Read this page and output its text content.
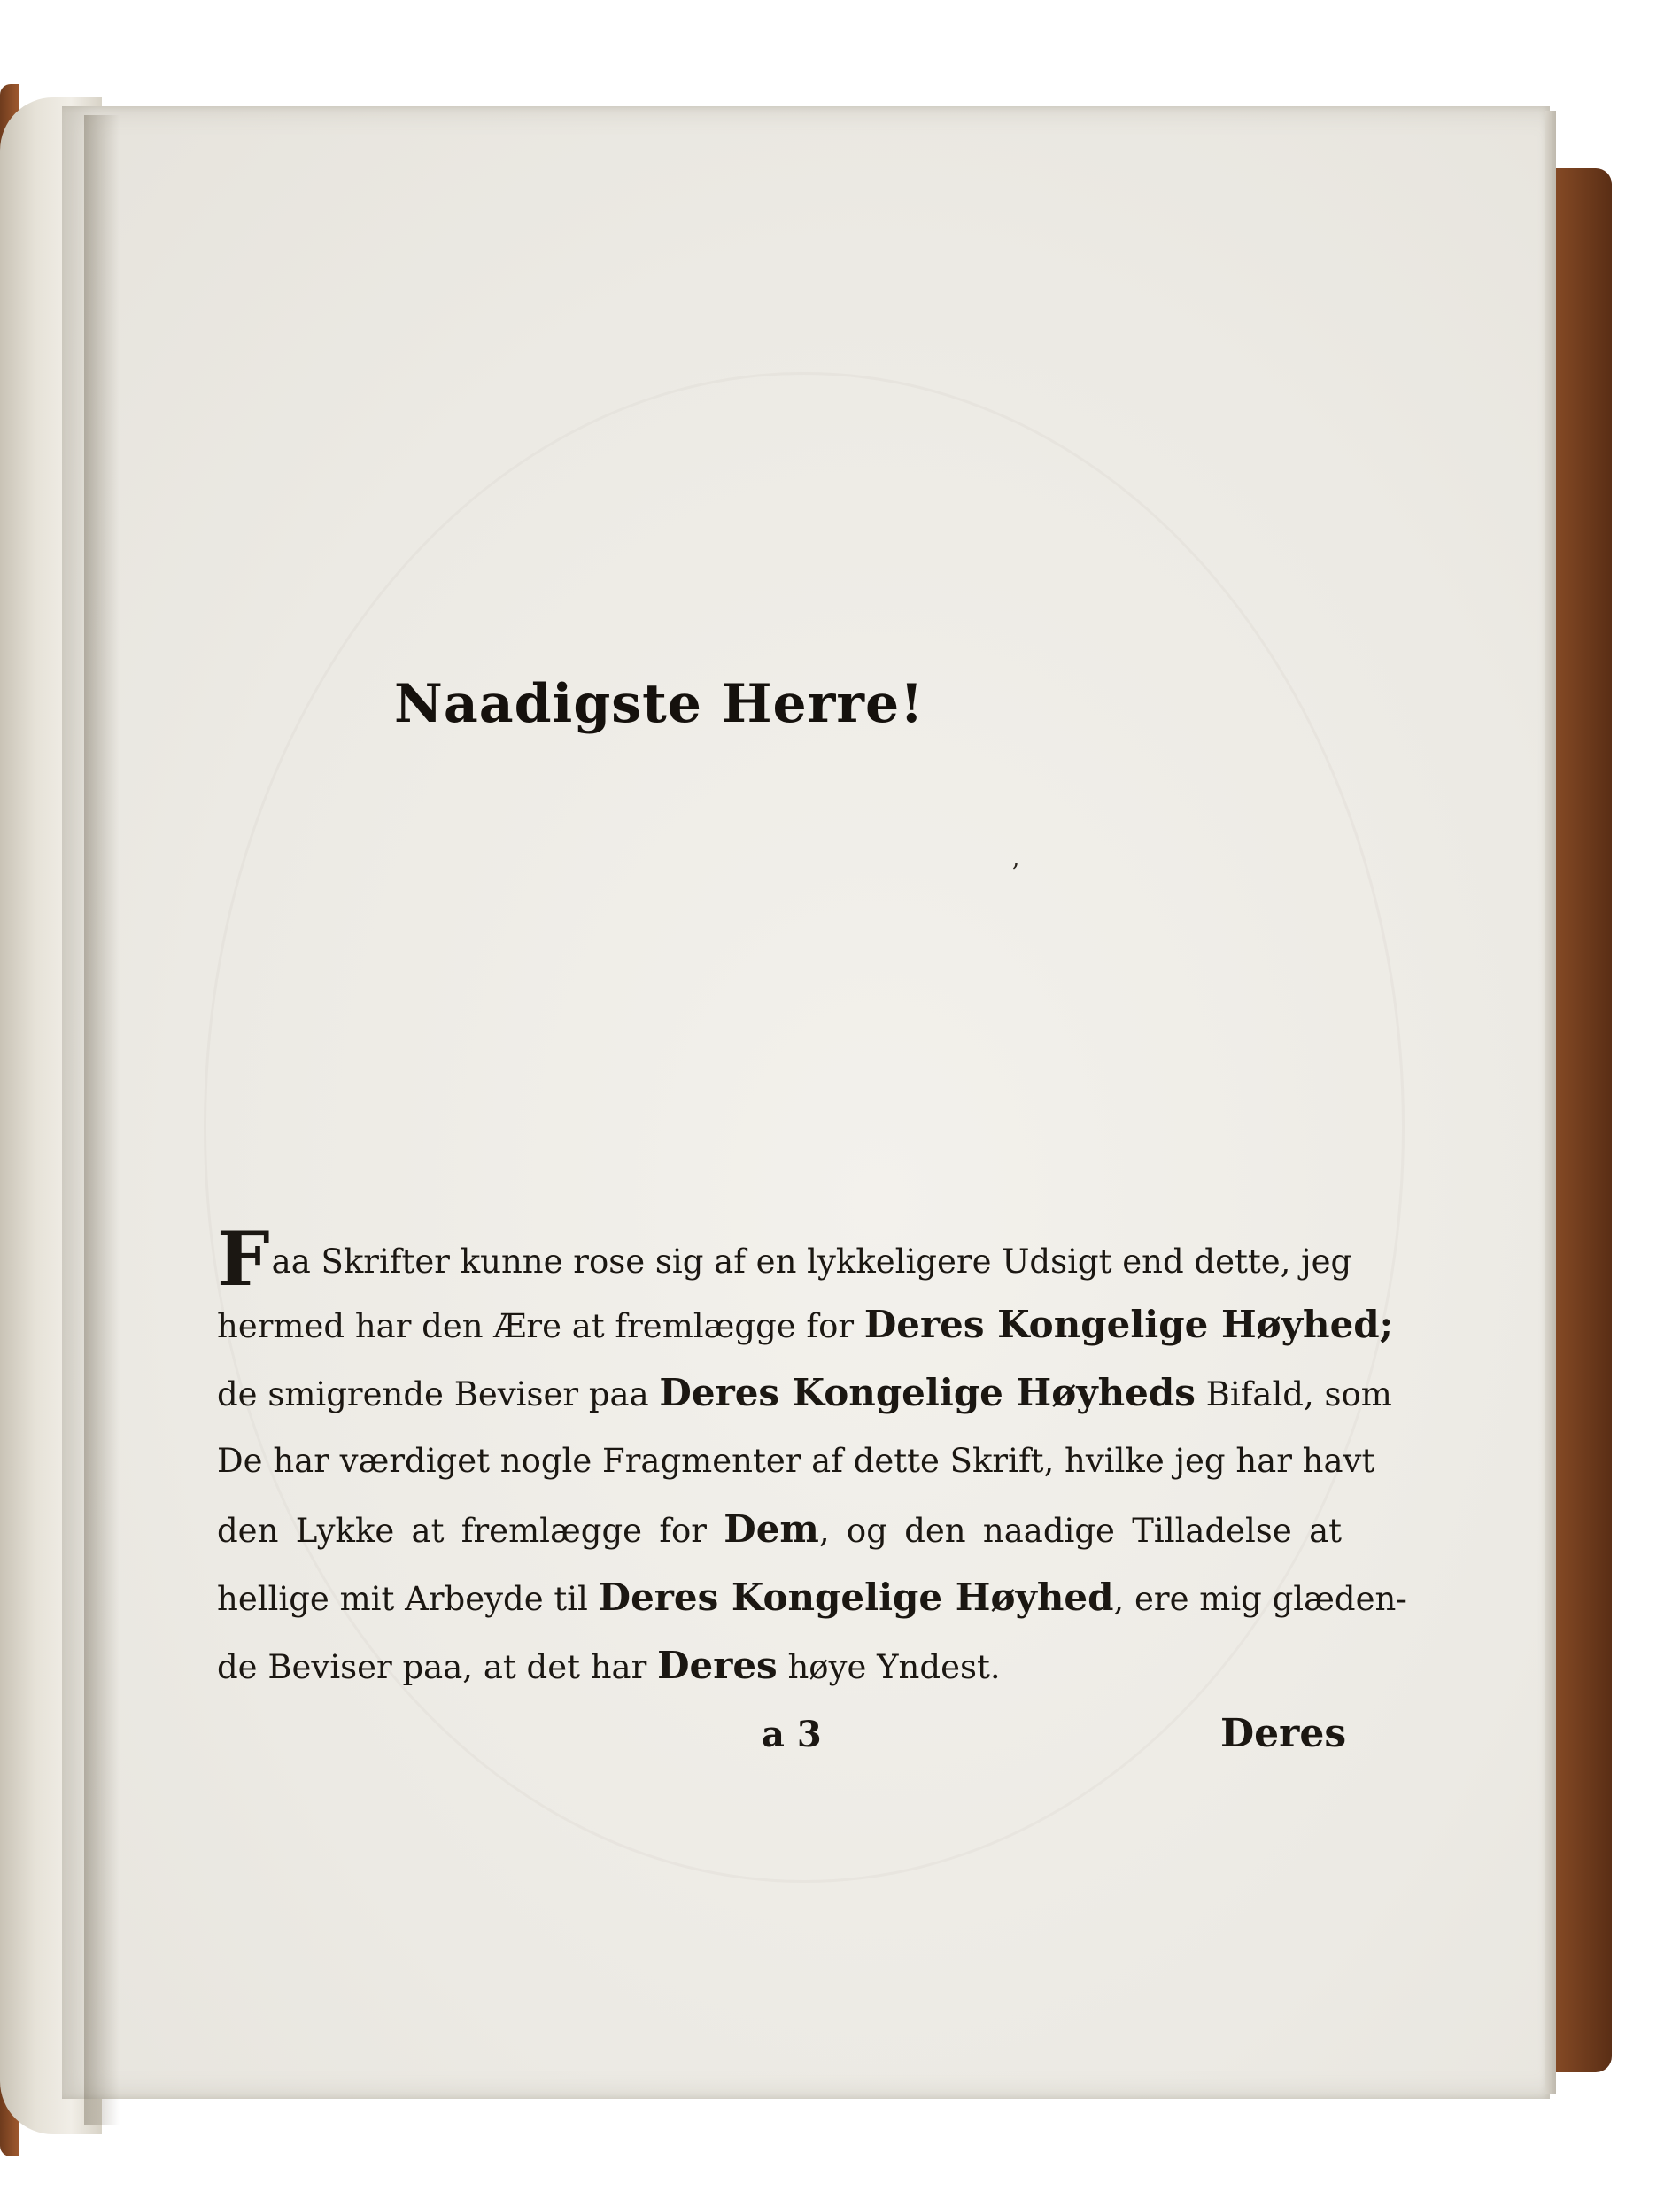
Naadigste Herre!
,
Faa Skrifter kunne rose sig af en lykkeligere Udsigt end dette, jeg
hermed har den Ære at fremlægge for Deres Kongelige Høyhed;
de smigrende Beviser paa Deres Kongelige Høyheds Bifald, som
De har værdiget nogle Fragmenter af dette Skrift, hvilke jeg har havt
den Lykke at fremlægge for Dem, og den naadige Tilladelse at
hellige mit Arbeyde til Deres Kongelige Høyhed, ere mig glæden-
de Beviser paa, at det har Deres høye Yndest.
a 3	Deres
